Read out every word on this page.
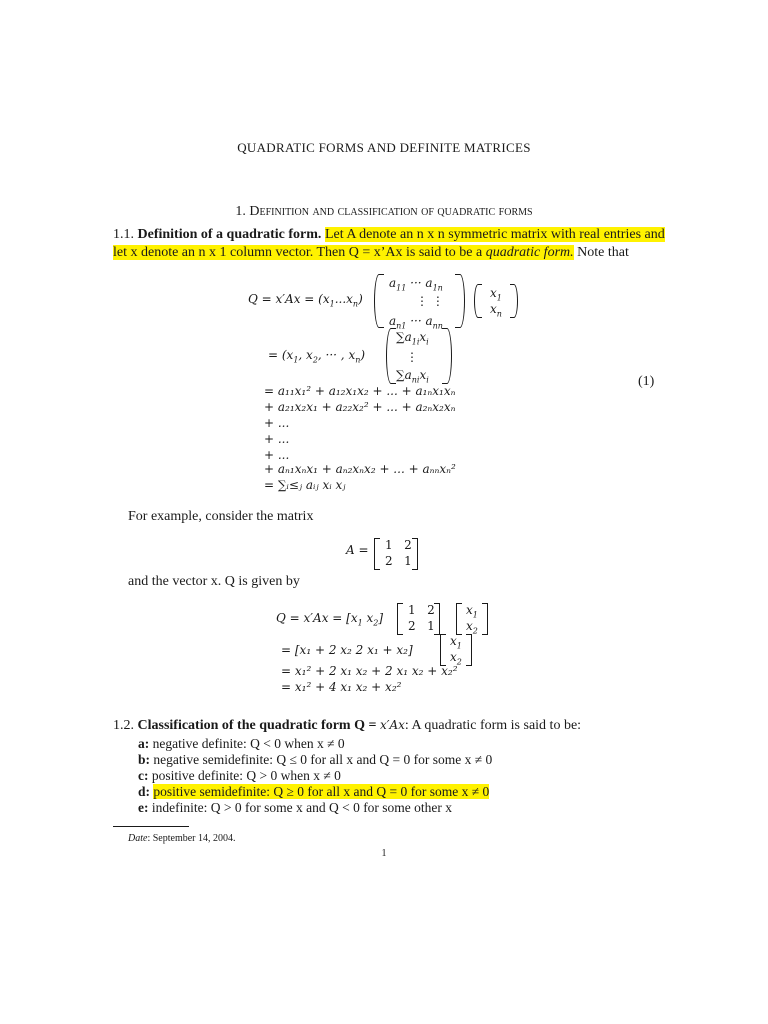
QUADRATIC FORMS AND DEFINITE MATRICES
1. Definition and classification of quadratic forms
1.1. Definition of a quadratic form. Let A denote an n x n symmetric matrix with real entries and
let x denote an n x 1 column vector. Then Q = x’Ax is said to be a quadratic form. Note that
$Q = x'Ax = (x_1...x_n)$
$a_{11}$ ··· $a_{1n}$
⋮ ⋮
$a_{n1}$ ··· $a_{nn}$
$x_1$
$x_n$
= ($x_1$, $x_2$, ··· , $x_n$)
$\sum a_{1i}x_i$
⋮
$\sum a_{ni}x_i$
= a₁₁x₁² + a₁₂x₁x₂ + ... + a₁ₙx₁xₙ
+ a₂₁x₂x₁ + a₂₂x₂² + ... + a₂ₙx₂xₙ
+ ...
+ ...
+ ...
+ aₙ₁xₙx₁ + aₙ₂xₙx₂ + ... + aₙₙxₙ²
= ∑ᵢ≤ⱼ aᵢⱼ xᵢ xⱼ
(1)
For example, consider the matrix
A = 1   2
2   1
and the vector x. Q is given by
$Q = x'Ax = [x_1$ $x_2$]
1   2
2   1
$x_1$
$x_2$
= [x₁ + 2 x₂ 2 x₁ + x₂]
$x_1$
$x_2$
= x₁² + 2 x₁ x₂ + 2 x₁ x₂ + x₂²
= x₁² + 4 x₁ x₂ + x₂²
1.2. Classification of the quadratic form Q = x′Ax: A quadratic form is said to be:
a: negative definite: Q < 0 when x ≠ 0
b: negative semidefinite: Q ≤ 0 for all x and Q = 0 for some x ≠ 0
c: positive definite: Q > 0 when x ≠ 0
d: positive semidefinite: Q ≥ 0 for all x and Q = 0 for some x ≠ 0
e: indefinite: Q > 0 for some x and Q < 0 for some other x
Date: September 14, 2004.
1
